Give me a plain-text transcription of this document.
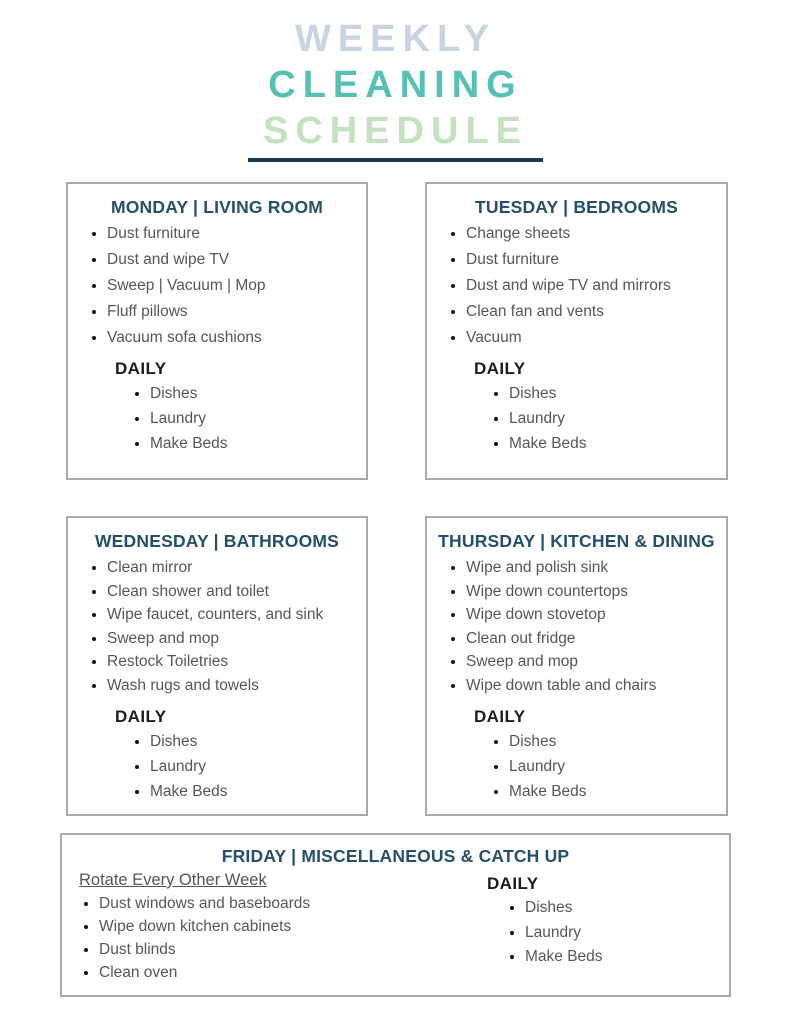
WEEKLY
CLEANING
SCHEDULE
MONDAY | LIVING ROOM
• Dust furniture
• Dust and wipe TV
• Sweep | Vacuum | Mop
• Fluff pillows
• Vacuum sofa cushions
DAILY
• Dishes
• Laundry
• Make Beds
TUESDAY | BEDROOMS
• Change sheets
• Dust furniture
• Dust and wipe TV and mirrors
• Clean fan and vents
• Vacuum
DAILY
• Dishes
• Laundry
• Make Beds
WEDNESDAY | BATHROOMS
• Clean mirror
• Clean shower and toilet
• Wipe faucet, counters, and sink
• Sweep and mop
• Restock Toiletries
• Wash rugs and towels
DAILY
• Dishes
• Laundry
• Make Beds
THURSDAY | KITCHEN & DINING
• Wipe and polish sink
• Wipe down countertops
• Wipe down stovetop
• Clean out fridge
• Sweep and mop
• Wipe down table and chairs
DAILY
• Dishes
• Laundry
• Make Beds
FRIDAY | MISCELLANEOUS & CATCH UP
Rotate Every Other Week
• Dust windows and baseboards
• Wipe down kitchen cabinets
• Dust blinds
• Clean oven
DAILY
• Dishes
• Laundry
• Make Beds
